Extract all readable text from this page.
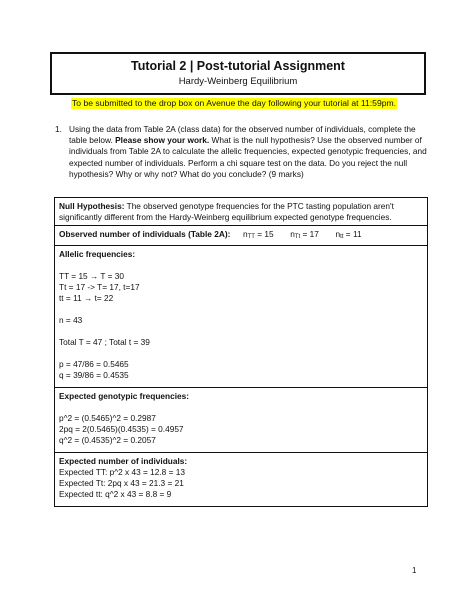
Tutorial 2 | Post-tutorial Assignment
Hardy-Weinberg Equilibrium
To be submitted to the drop box on Avenue the day following your tutorial at 11:59pm.
1. Using the data from Table 2A (class data) for the observed number of individuals, complete the table below. Please show your work. What is the null hypothesis? Use the observed number of individuals from Table 2A to calculate the allelic frequencies, expected genotypic frequencies, and expected number of individuals. Perform a chi square test on the data. Do you reject the null hypothesis? Why or why not? What do you conclude? (9 marks)
Null Hypothesis: The observed genotype frequencies for the PTC tasting population aren't significantly different from the Hardy-Weinberg equilibrium expected genotype frequencies.
Observed number of individuals (Table 2A): nTT = 15 nTt = 17 ntt = 11
Allelic frequencies:
TT = 15 → T = 30
Tt = 17 -> T= 17, t=17
tt = 11 → t= 22
n = 43
Total T = 47 ; Total t = 39
p = 47/86 = 0.5465
q = 39/86 = 0.4535
Expected genotypic frequencies:
p^2 = (0.5465)^2 = 0.2987
2pq = 2(0.5465)(0.4535) = 0.4957
q^2 = (0.4535)^2 = 0.2057
Expected number of individuals:
Expected TT: p^2 x 43 = 12.8 = 13
Expected Tt: 2pq x 43 = 21.3 = 21
Expected tt: q^2 x 43 = 8.8 = 9
1
